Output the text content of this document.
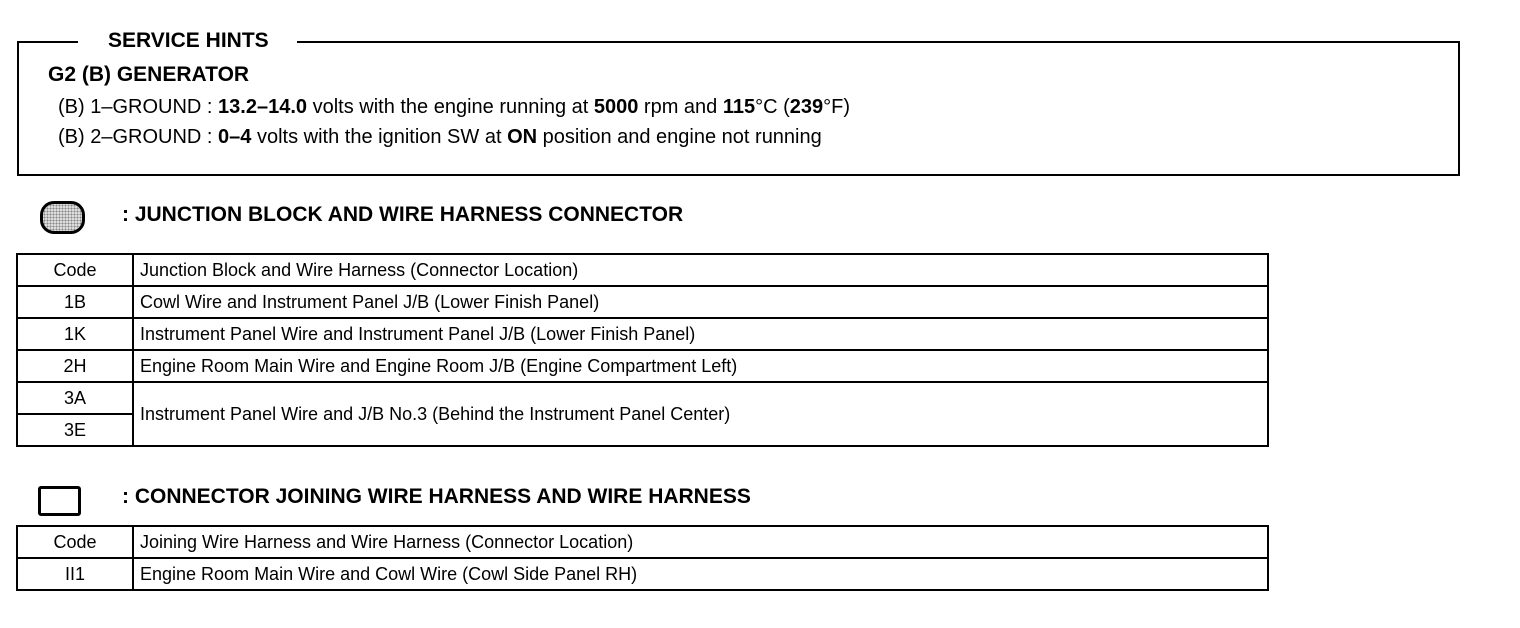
SERVICE HINTS
G2 (B) GENERATOR
(B) 1–GROUND : 13.2–14.0 volts with the engine running at 5000 rpm and 115°C (239°F)
(B) 2–GROUND : 0–4 volts with the ignition SW at ON position and engine not running
: JUNCTION BLOCK AND WIRE HARNESS CONNECTOR
Code	Junction Block and Wire Harness (Connector Location)
1B	Cowl Wire and Instrument Panel J/B (Lower Finish Panel)
1K	Instrument Panel Wire and Instrument Panel J/B (Lower Finish Panel)
2H	Engine Room Main Wire and Engine Room J/B (Engine Compartment Left)
3A	Instrument Panel Wire and J/B No.3 (Behind the Instrument Panel Center)
3E	
: CONNECTOR JOINING WIRE HARNESS AND WIRE HARNESS
Code	Joining Wire Harness and Wire Harness (Connector Location)
II1	Engine Room Main Wire and Cowl Wire (Cowl Side Panel RH)
